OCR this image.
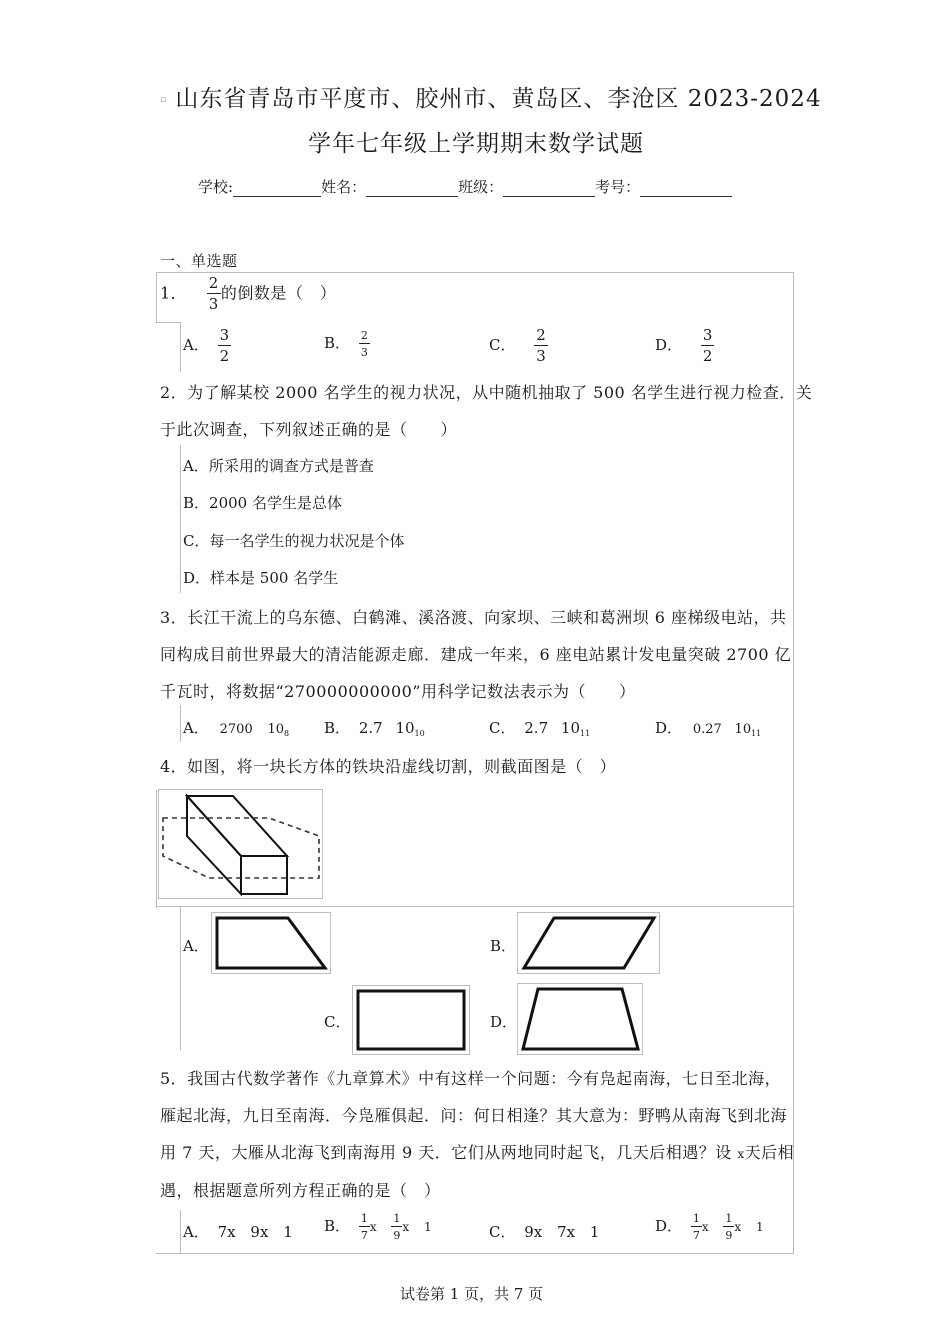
▫ 山东省青岛市平度市、胶州市、黄岛区、李沧区 2023-2024
学年七年级上学期期末数学试题
学校:	姓名：	班级：	考号：
一、单选题
1． $\frac{2}{3}$ 的倒数是（　）
A． $\frac{3}{2}$	B． $\frac{2}{3}$	C． $\frac{2}{3}$	D． $\frac{3}{2}$
2．为了解某校 2000 名学生的视力状况，从中随机抽取了 500 名学生进行视力检查．关
于此次调查，下列叙述正确的是（　　）
A．所采用的调查方式是普查
B．2000 名学生是总体
C．每一名学生的视力状况是个体
D．样本是 500 名学生
3．长江干流上的乌东德、白鹤滩、溪洛渡、向家坝、三峡和葛洲坝 6 座梯级电站，共
同构成目前世界最大的清洁能源走廊．建成一年来，6 座电站累计发电量突破 2700 亿
千瓦时，将数据“270000000000”用科学记数法表示为（　　）
A． 2700 $10_8$ B． 2.7 $10_{10}$	C． 2.7 $10_{11}$	D． 0.27 $10_{11}$
4．如图，将一块长方体的铁块沿虚线切割，则截面图是（　）
A．	B．
C．	D．
5．我国古代数学著作《九章算术》中有这样一个问题：今有凫起南海，七日至北海，
雁起北海，九日至南海．今凫雁俱起．问：何日相逢？其大意为：野鸭从南海飞到北海
用 7 天，大雁从北海飞到南海用 9 天．它们从两地同时起飞，几天后相遇？设 x天后相
遇，根据题意所列方程正确的是（　）
A． 7x 9x 1 B． $\frac{1}{7}$ x $\frac{1}{9}$ x 1	C． 9x 7x 1	D． $\frac{1}{7}$ x $\frac{1}{9}$ x 1
试卷第 1 页，共 7 页
